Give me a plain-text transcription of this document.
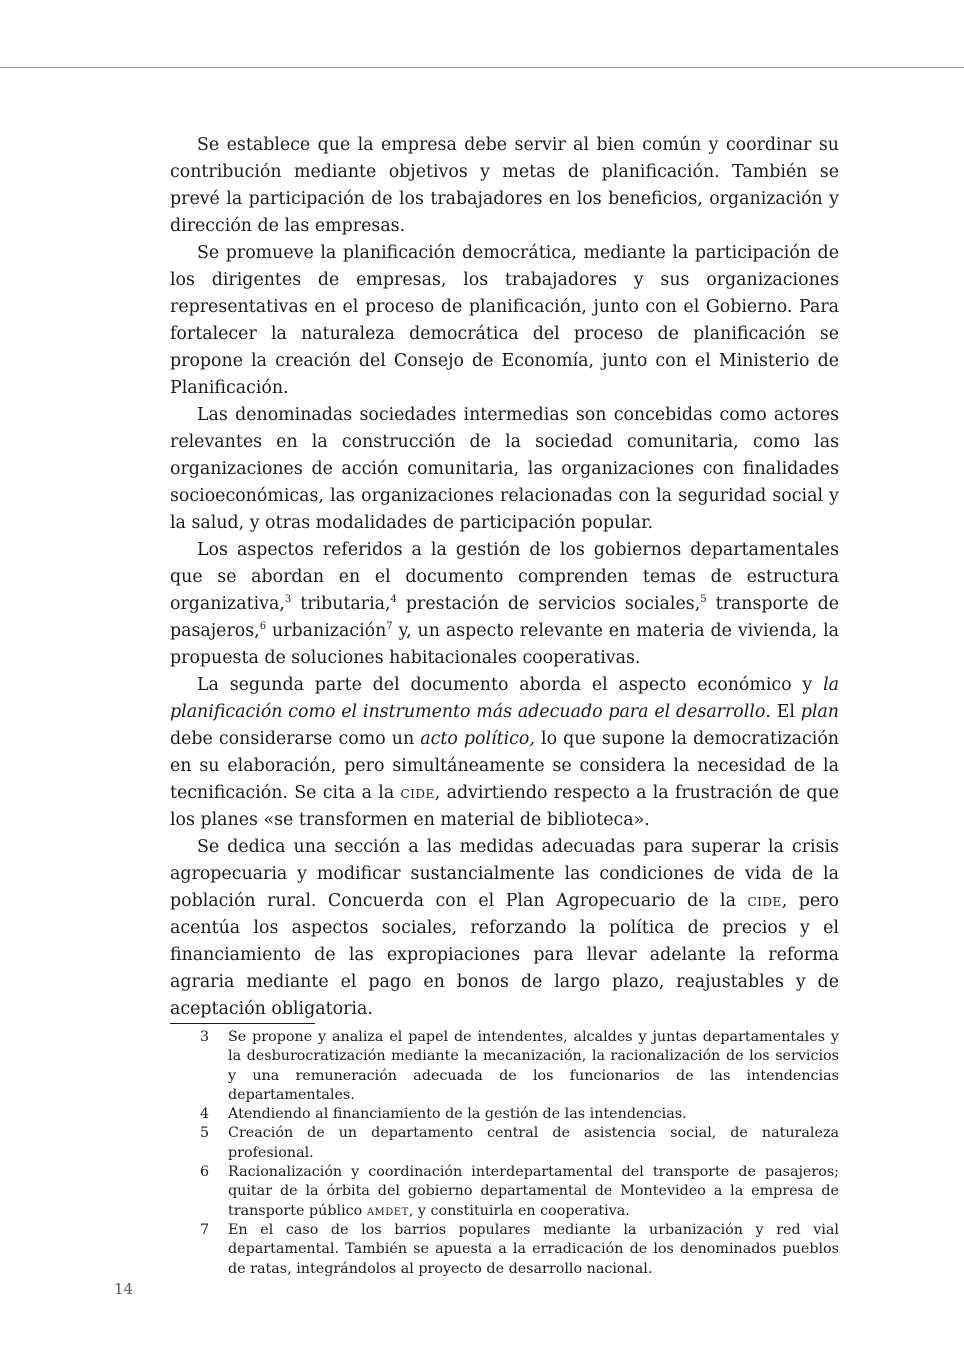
Se establece que la empresa debe servir al bien común y coordinar su contribución mediante objetivos y metas de planificación. También se prevé la participación de los trabajadores en los beneficios, organización y dirección de las empresas.

Se promueve la planificación democrática, mediante la participación de los dirigentes de empresas, los trabajadores y sus organizaciones representativas en el proceso de planificación, junto con el Gobierno. Para fortalecer la naturaleza democrática del proceso de planificación se propone la creación del Consejo de Economía, junto con el Ministerio de Planificación.

Las denominadas sociedades intermedias son concebidas como actores relevantes en la construcción de la sociedad comunitaria, como las organizaciones de acción comunitaria, las organizaciones con finalidades socioeconómicas, las organizaciones relacionadas con la seguridad social y la salud, y otras modalidades de participación popular.

Los aspectos referidos a la gestión de los gobiernos departamentales que se abordan en el documento comprenden temas de estructura organizativa,$^3$ tributaria,$^4$ prestación de servicios sociales,$^5$ transporte de pasajeros,$^6$ urbanización$^7$ y, un aspecto relevante en materia de vivienda, la propuesta de soluciones habitacionales cooperativas.

La segunda parte del documento aborda el aspecto económico y la planificación como el instrumento más adecuado para el desarrollo. El plan debe considerarse como un acto político, lo que supone la democratización en su elaboración, pero simultáneamente se considera la necesidad de la tecnificación. Se cita a la cide, advirtiendo respecto a la frustración de que los planes «se transformen en material de biblioteca».

Se dedica una sección a las medidas adecuadas para superar la crisis agropecuaria y modificar sustancialmente las condiciones de vida de la población rural. Concuerda con el Plan Agropecuario de la cide, pero acentúa los aspectos sociales, reforzando la política de precios y el financiamiento de las expropiaciones para llevar adelante la reforma agraria mediante el pago en bonos de largo plazo, reajustables y de aceptación obligatoria.

3	Se propone y analiza el papel de intendentes, alcaldes y juntas departamentales y la desburocratización mediante la mecanización, la racionalización de los servicios y una remuneración adecuada de los funcionarios de las intendencias departamentales.
4	Atendiendo al financiamiento de la gestión de las intendencias.
5	Creación de un departamento central de asistencia social, de naturaleza profesional.
6	Racionalización y coordinación interdepartamental del transporte de pasajeros; quitar de la órbita del gobierno departamental de Montevideo a la empresa de transporte público amdet, y constituirla en cooperativa.
7	En el caso de los barrios populares mediante la urbanización y red vial departamental. También se apuesta a la erradicación de los denominados pueblos de ratas, integrándolos al proyecto de desarrollo nacional.
14
